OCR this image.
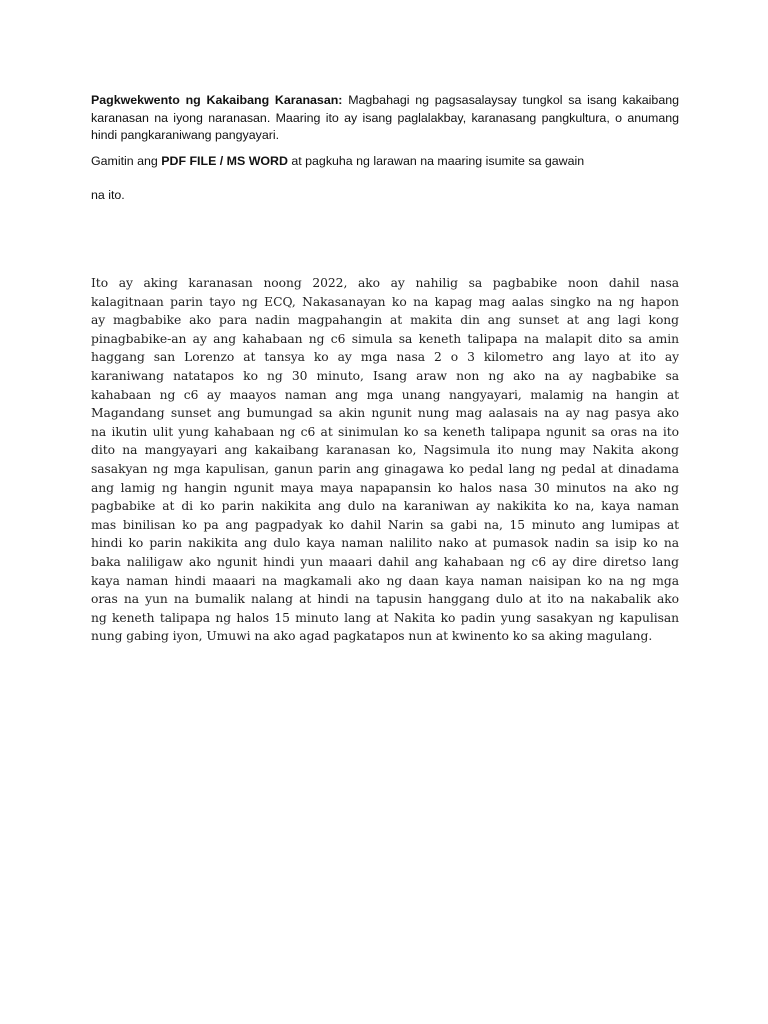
Pagkwekwento ng Kakaibang Karanasan: Magbahagi ng pagsasalaysay tungkol sa isang kakaibang karanasan na iyong naranasan. Maaring ito ay isang paglalakbay, karanasang pangkultura, o anumang hindi pangkaraniwang pangyayari.

Gamitin ang PDF FILE / MS WORD at pagkuha ng larawan na maaring isumite sa gawain

na ito.

Ito ay aking karanasan noong 2022, ako ay nahilig sa pagbabike noon dahil nasa
kalagitnaan parin tayo ng ECQ, Nakasanayan ko na kapag mag aalas singko na ng hapon
ay magbabike ako para nadin magpahangin at makita din ang sunset at ang lagi kong
pinagbabike-an ay ang kahabaan ng c6 simula sa keneth talipapa na malapit dito sa amin
haggang san Lorenzo at tansya ko ay mga nasa 2 o 3 kilometro ang layo at ito ay
karaniwang natatapos ko ng 30 minuto, Isang araw non ng ako na ay nagbabike sa
kahabaan ng c6 ay maayos naman ang mga unang nangyayari, malamig na hangin at
Magandang sunset ang bumungad sa akin ngunit nung mag aalasais na ay nag pasya ako
na ikutin ulit yung kahabaan ng c6 at sinimulan ko sa keneth talipapa ngunit sa oras na ito
dito na mangyayari ang kakaibang karanasan ko, Nagsimula ito nung may Nakita akong
sasakyan ng mga kapulisan, ganun parin ang ginagawa ko pedal lang ng pedal at dinadama
ang lamig ng hangin ngunit maya maya napapansin ko halos nasa 30 minutos na ako ng
pagbabike at di ko parin nakikita ang dulo na karaniwan ay nakikita ko na, kaya naman
mas binilisan ko pa ang pagpadyak ko dahil Narin sa gabi na, 15 minuto ang lumipas at
hindi ko parin nakikita ang dulo kaya naman nalilito nako at pumasok nadin sa isip ko na
baka naliligaw ako ngunit hindi yun maaari dahil ang kahabaan ng c6 ay dire diretso lang
kaya naman hindi maaari na magkamali ako ng daan kaya naman naisipan ko na ng mga
oras na yun na bumalik nalang at hindi na tapusin hanggang dulo at ito na nakabalik ako
ng keneth talipapa ng halos 15 minuto lang at Nakita ko padin yung sasakyan ng kapulisan
nung gabing iyon, Umuwi na ako agad pagkatapos nun at kwinento ko sa aking magulang.
